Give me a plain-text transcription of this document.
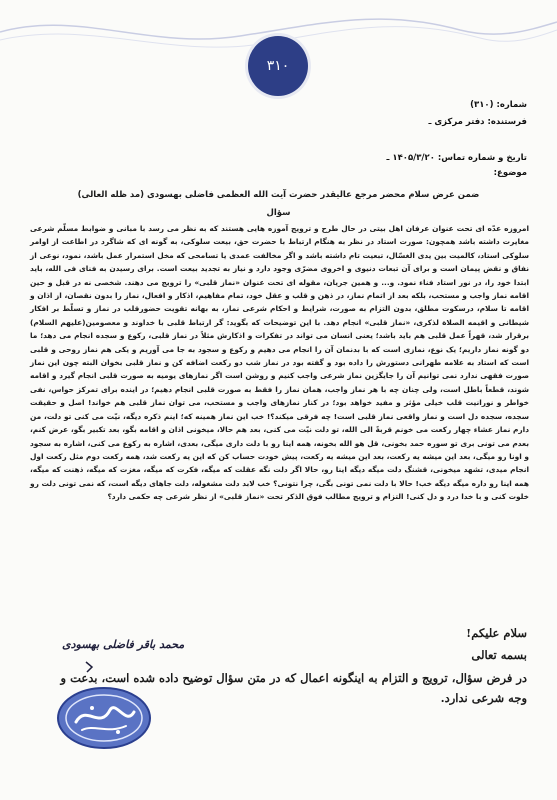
۳۱۰
شماره: (۳۱۰)
فرستنده: دفتر مرکزی ـ
تاریخ و شماره تماس: ۱۴۰۵/۳/۲۰ ـ
موضوع:
ضمن عرض سلام محضر مرجع عالیقدر حضرت آیت الله العظمی فاضلی بهسودی (مد ظله العالی)
سؤال
امروزه عدّه ای تحت عنوان عرفان اهل بیتی در حال طرح و ترویج آموزه هایی هستند که به نظر می رسد با مبانی و ضوابط مسلّم شرعی مغایرت داشته باشد همچون: صورت استاد در نظر به هنگام ارتباط با حضرت حق، بیعت سلوکی، به گونه ای که شاگرد در اطاعت از اوامر سلوکی استاد، کالمیت بین یدی الغسّال، تبعیت تام داشته باشد و اگر مخالفت عمدی یا تسامحی که مخل استمرار عمل باشد، نمود، نوعی از نفاق و نقض پیمان است و برای آن تبعات دنیوی و اخروی مضرّی وجود دارد و نیاز به تجدید بیعت است. برای رسیدن به فنای فی الله، باید ابتدا خود را، در نور استاد فناء نمود. و... و همین جریان، مقوله ای تحت عنوان «نماز قلبی» را ترویج می دهند. شخصی نه در قبل و حین اقامه نماز واجب و مستحب، بلکه بعد از اتمام نماز، در ذهن و قلب و عقل خود، تمام مفاهیم، اذکار و افعال، نماز را بدون نقصان، از اذان و اقامه تا سلام، درسکوت مطلق، بدون التزام به صورت، شرایط و احکام شرعی نماز، به بهانه تقویت حضورقلب در نماز و تسلّط بر افکار شیطانی و اقیمه الصلاة لذکری، «نماز قلبی» انجام دهد. با این توضیحات که بگوید: گر ارتباط قلبی با خداوند و معصومین(علیهم السلام) برقرار شد، قهراً عمل قلبی هم باید باشد؛ یعنی انسان می تواند در تفکرات و اذکارش مثلاً در نماز قلبی، رکوع و سجده انجام می دهد؛ ما دو گونه نماز داریم؛ یک نوع، نمازی است که با بدنمان آن را انجام می دهیم و رکوع و سجود به جا می آوریم و یکی هم نماز روحی و قلبی است که استاد به علامه طهرانی دستورش را داده بود و گفته بود در نماز شب دو رکعت اضافه کن و نماز قلبی بخوان البته چون این نماز صورت فقهی ندارد نمی توانیم آن را جایگزین نماز شرعی واجب کنیم و روشن است اگر نمازهای یومیه به صورت قلبی انجام گیرد و اقامه شوند، قطعاً باطل است، ولی چنان چه با هر نماز واجب، همان نماز را فقط به صورت قلبی انجام دهیم؛ در اینده برای تمرکز حواس، نفی خواطر و نورانیت قلب خیلی مؤثر و مفید خواهد بود؛ در کنار نمازهای واجب و مستحب، می توان نماز قلبی هم خواند! اصل و حقیقت سجده، سجده دل است و نماز واقعی نماز قلبی است! چه فرقی میکند؟! خب این نماز همینه که؛ اینم ذکره دیگه، نیّت می کنی تو دلت، من دارم نماز عشاء چهار رکعت می خونم قربةً الی الله، تو دلت نیّت می کنی، بعد هم حالا، میخونی اذان و اقامه بگو، بعد تکبیر بگو، عرض کنم، بعدم می تونی بری تو سوره حمد بخونی، قل هو الله بخونه، همه اینا رو با دلت داری میگی، بعدی، اشاره به رکوع می کنی، اشاره به سجود و اونا رو میگی، بعد این میشه یه رکعت، بعد این میشه یه رکعت، پیش خودت حساب کن که این یه رکعت شد، همه رکعت دوم مثل رکعت اول انجام میدی، تشهد میخونی، قشنگ دلت میگه دیگه اینا رو، حالا اگر دلت نگه عقلت که میگه، فکرت که میگه، مغزت که میگه، ذهنت که میگه، همه اینا رو داره میگه دیگه خب! حالا با دلت نمی تونی بگی، چرا نتونی؟ خب لابد دلت مشغوله، دلت جاهای دیگه است، که نمی تونی دلت رو خلوت کنی و با خدا درد و دل کنی! التزام و ترویج مطالب فوق الذکر تحت «نماز قلبی» از نظر شرعی چه حکمی دارد؟
سلام علیکم!
بسمه تعالی
در فرض سؤال، ترویج و التزام به اینگونه اعمال که در متن سؤال توضیح داده شده است، بدعت و وجه شرعی ندارد.
محمد باقر فاضلی بهسودی
